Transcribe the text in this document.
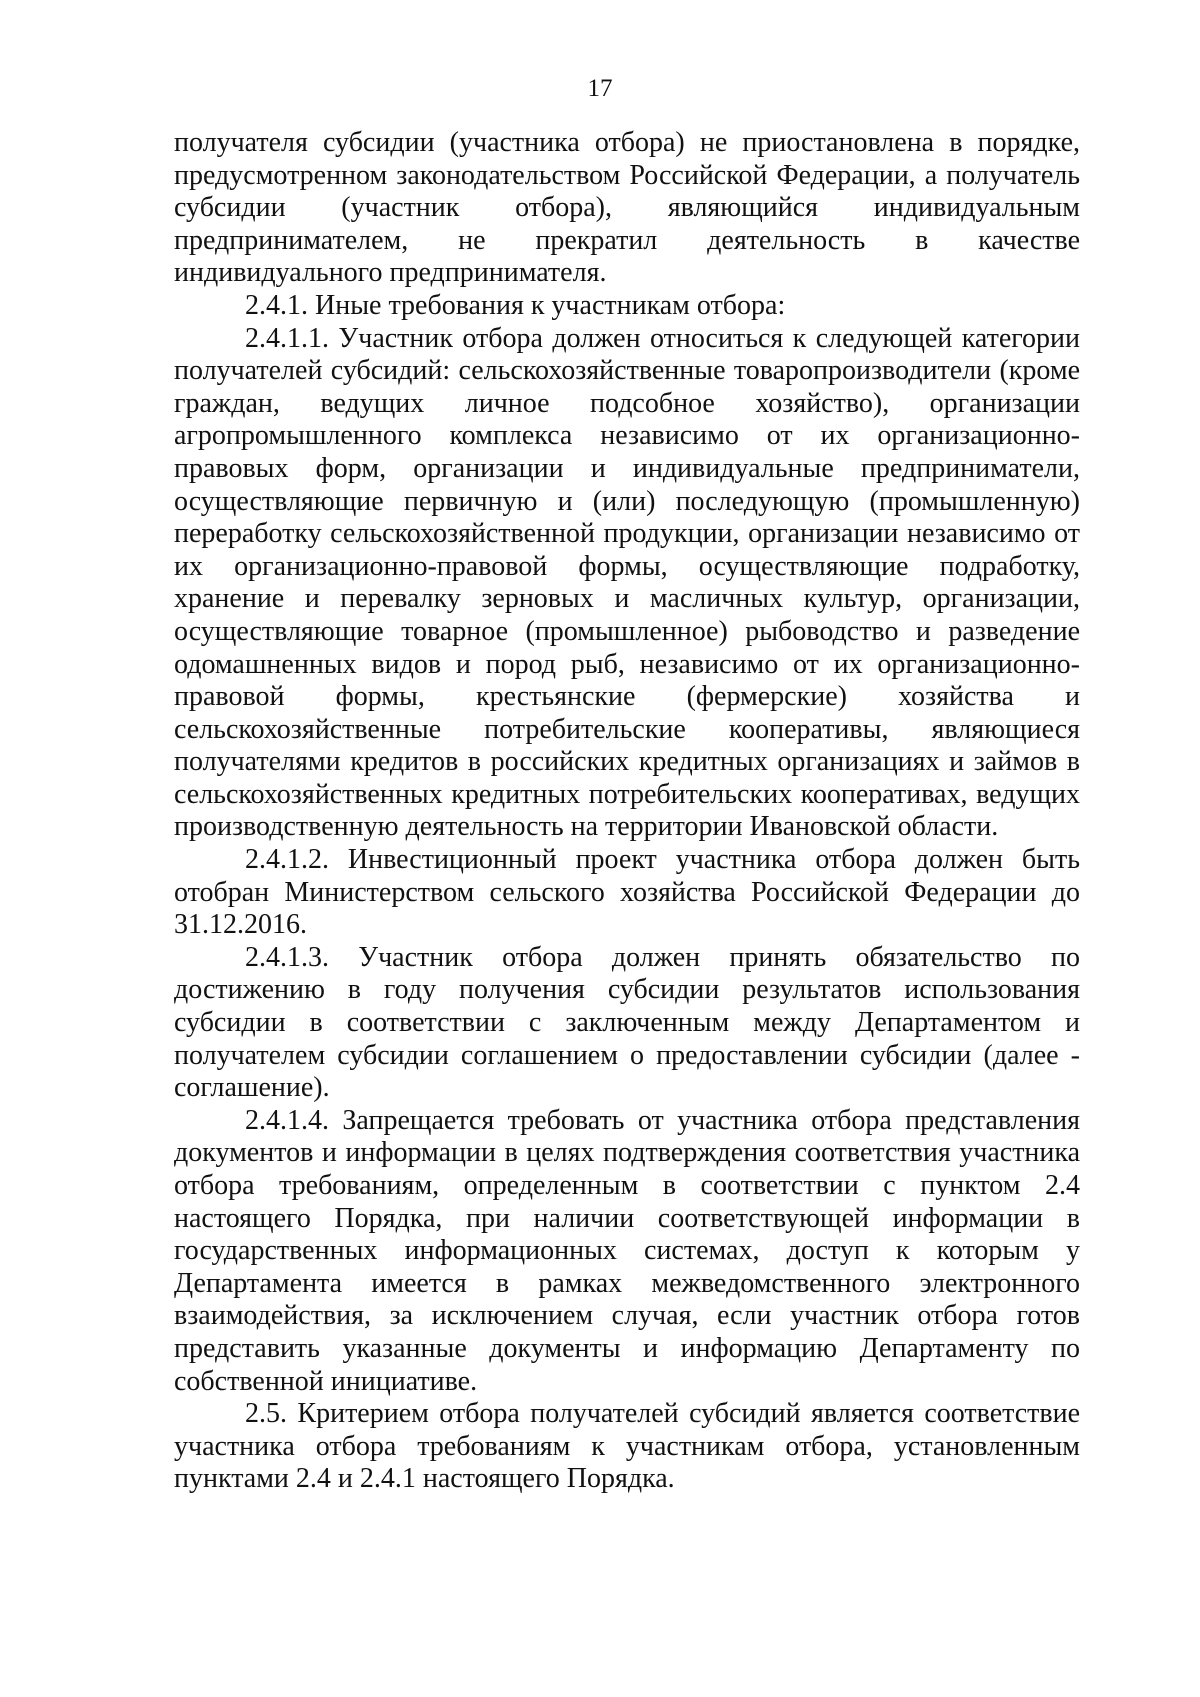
17

получателя субсидии (участника отбора) не приостановлена в порядке, предусмотренном законодательством Российской Федерации, а получатель субсидии (участник отбора), являющийся индивидуальным предпринимателем, не прекратил деятельность в качестве индивидуального предпринимателя.

2.4.1. Иные требования к участникам отбора:

2.4.1.1. Участник отбора должен относиться к следующей категории получателей субсидий: сельскохозяйственные товаропроизводители (кроме граждан, ведущих личное подсобное хозяйство), организации агропромышленного комплекса независимо от их организационно-правовых форм, организации и индивидуальные предприниматели, осуществляющие первичную и (или) последующую (промышленную) переработку сельскохозяйственной продукции, организации независимо от их организационно-правовой формы, осуществляющие подработку, хранение и перевалку зерновых и масличных культур, организации, осуществляющие товарное (промышленное) рыбоводство и разведение одомашненных видов и пород рыб, независимо от их организационно-правовой формы, крестьянские (фермерские) хозяйства и сельскохозяйственные потребительские кооперативы, являющиеся получателями кредитов в российских кредитных организациях и займов в сельскохозяйственных кредитных потребительских кооперативах, ведущих производственную деятельность на территории Ивановской области.

2.4.1.2. Инвестиционный проект участника отбора должен быть отобран Министерством сельского хозяйства Российской Федерации до 31.12.2016.

2.4.1.3. Участник отбора должен принять обязательство по достижению в году получения субсидии результатов использования субсидии в соответствии с заключенным между Департаментом и получателем субсидии соглашением о предоставлении субсидии (далее - соглашение).

2.4.1.4. Запрещается требовать от участника отбора представления документов и информации в целях подтверждения соответствия участника отбора требованиям, определенным в соответствии с пунктом 2.4 настоящего Порядка, при наличии соответствующей информации в государственных информационных системах, доступ к которым у Департамента имеется в рамках межведомственного электронного взаимодействия, за исключением случая, если участник отбора готов представить указанные документы и информацию Департаменту по собственной инициативе.

2.5. Критерием отбора получателей субсидий является соответствие участника отбора требованиям к участникам отбора, установленным пунктами 2.4 и 2.4.1 настоящего Порядка.
